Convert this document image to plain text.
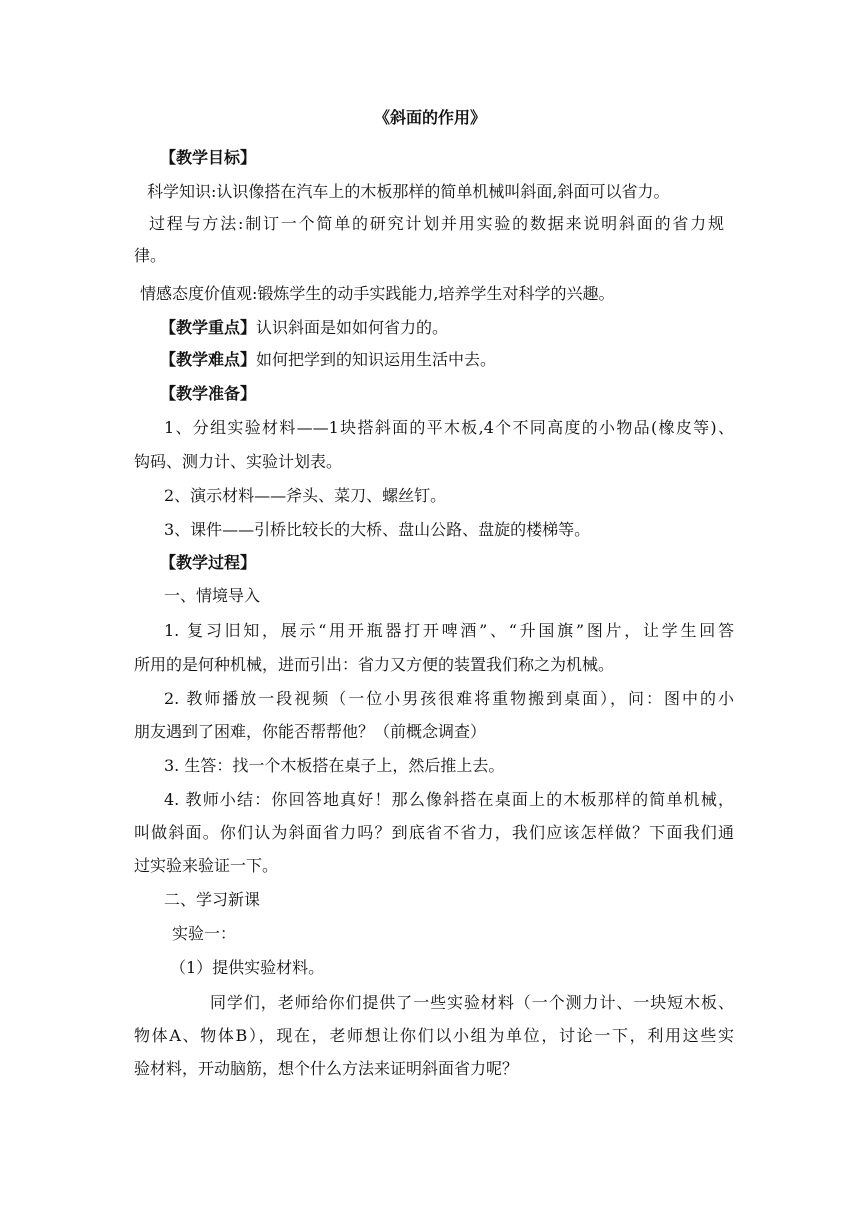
《斜面的作用》
【教学目标】
科学知识:认识像搭在汽车上的木板那样的简单机械叫斜面,斜面可以省力。
过程与方法:制订一个简单的研究计划并用实验的数据来说明斜面的省力规
律。
情感态度价值观:锻炼学生的动手实践能力,培养学生对科学的兴趣。
【教学重点】认识斜面是如如何省力的。
【教学难点】如何把学到的知识运用生活中去。
【教学准备】
1、分组实验材料——1块搭斜面的平木板,4个不同高度的小物品(橡皮等)、
钩码、测力计、实验计划表。
2、演示材料——斧头、菜刀、螺丝钉。
3、课件——引桥比较长的大桥、盘山公路、盘旋的楼梯等。
【教学过程】
一、情境导入
1. 复习旧知，展示“用开瓶器打开啤酒”、“升国旗”图片，让学生回答
所用的是何种机械，进而引出：省力又方便的装置我们称之为机械。
2. 教师播放一段视频（一位小男孩很难将重物搬到桌面），问：图中的小
朋友遇到了困难，你能否帮帮他？（前概念调查）
3. 生答：找一个木板搭在桌子上，然后推上去。
4. 教师小结：你回答地真好！那么像斜搭在桌面上的木板那样的简单机械，
叫做斜面。你们认为斜面省力吗？到底省不省力，我们应该怎样做？下面我们通
过实验来验证一下。
二、学习新课
实验一：
（1）提供实验材料。
同学们，老师给你们提供了一些实验材料（一个测力计、一块短木板、
物体A、物体B），现在，老师想让你们以小组为单位，讨论一下，利用这些实
验材料，开动脑筋，想个什么方法来证明斜面省力呢？
